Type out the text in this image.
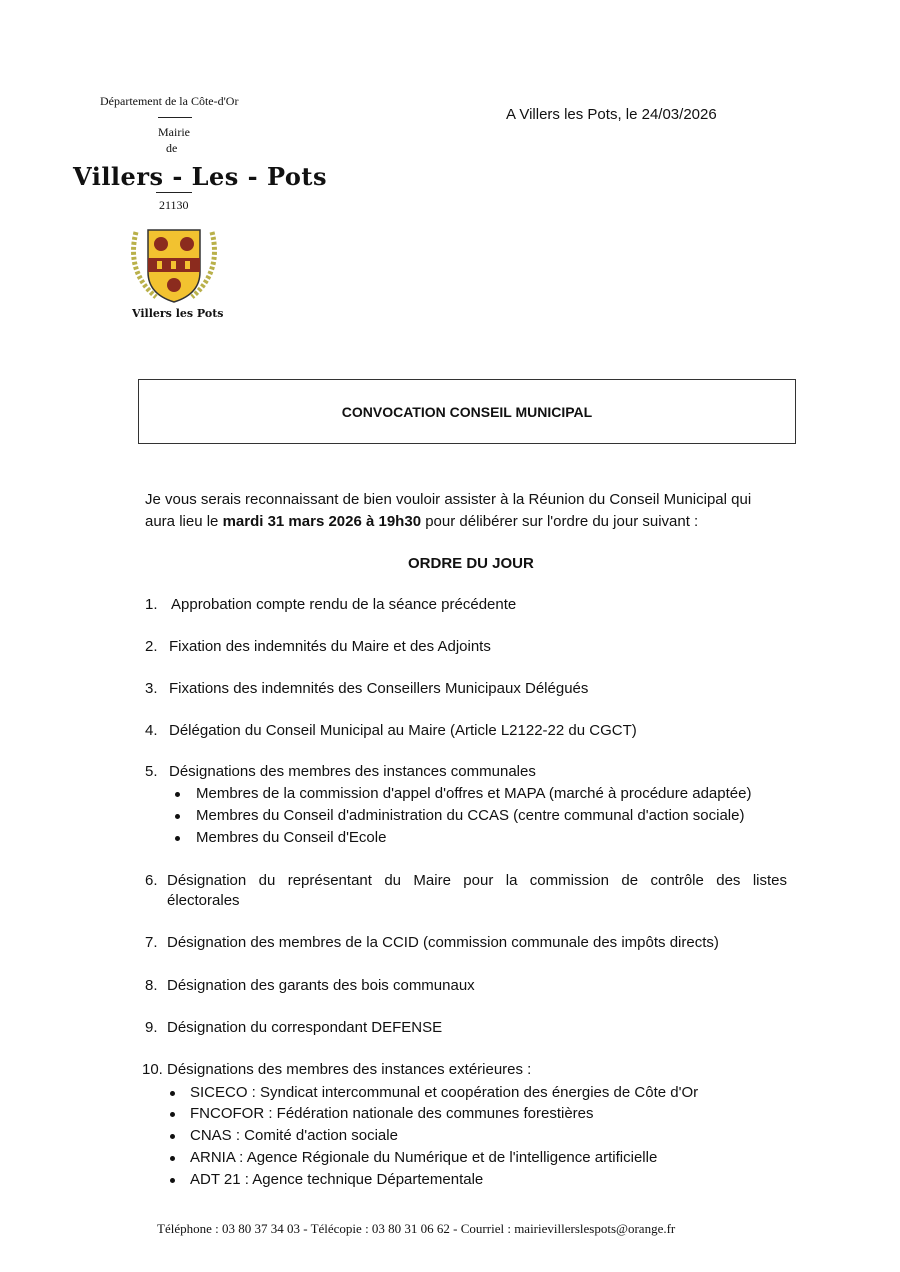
Département de la Côte-d'Or
Mairie
de
Villers - Les - Pots
21130
Villers les Pots
A Villers les Pots, le 24/03/2026
CONVOCATION CONSEIL MUNICIPAL
Je vous serais reconnaissant de bien vouloir assister à la Réunion du Conseil Municipal qui
aura lieu le mardi 31 mars 2026 à 19h30 pour délibérer sur l'ordre du jour suivant :
ORDRE DU JOUR
1. Approbation compte rendu de la séance précédente
2. Fixation des indemnités du Maire et des Adjoints
3. Fixations des indemnités des Conseillers Municipaux Délégués
4. Délégation du Conseil Municipal au Maire (Article L2122-22 du CGCT)
5. Désignations des membres des instances communales
Membres de la commission d'appel d'offres et MAPA (marché à procédure adaptée)
Membres du Conseil d'administration du CCAS (centre communal d'action sociale)
Membres du Conseil d'Ecole
6. Désignation du représentant du Maire pour la commission de contrôle des listes
électorales
7. Désignation des membres de la CCID (commission communale des impôts directs)
8. Désignation des garants des bois communaux
9. Désignation du correspondant DEFENSE
10. Désignations des membres des instances extérieures :
SICECO : Syndicat intercommunal et coopération des énergies de Côte d'Or
FNCOFOR : Fédération nationale des communes forestières
CNAS : Comité d'action sociale
ARNIA : Agence Régionale du Numérique et de l'intelligence artificielle
ADT 21 : Agence technique Départementale
Téléphone : 03 80 37 34 03 - Télécopie : 03 80 31 06 62 - Courriel : mairievillerslespots@orange.fr
